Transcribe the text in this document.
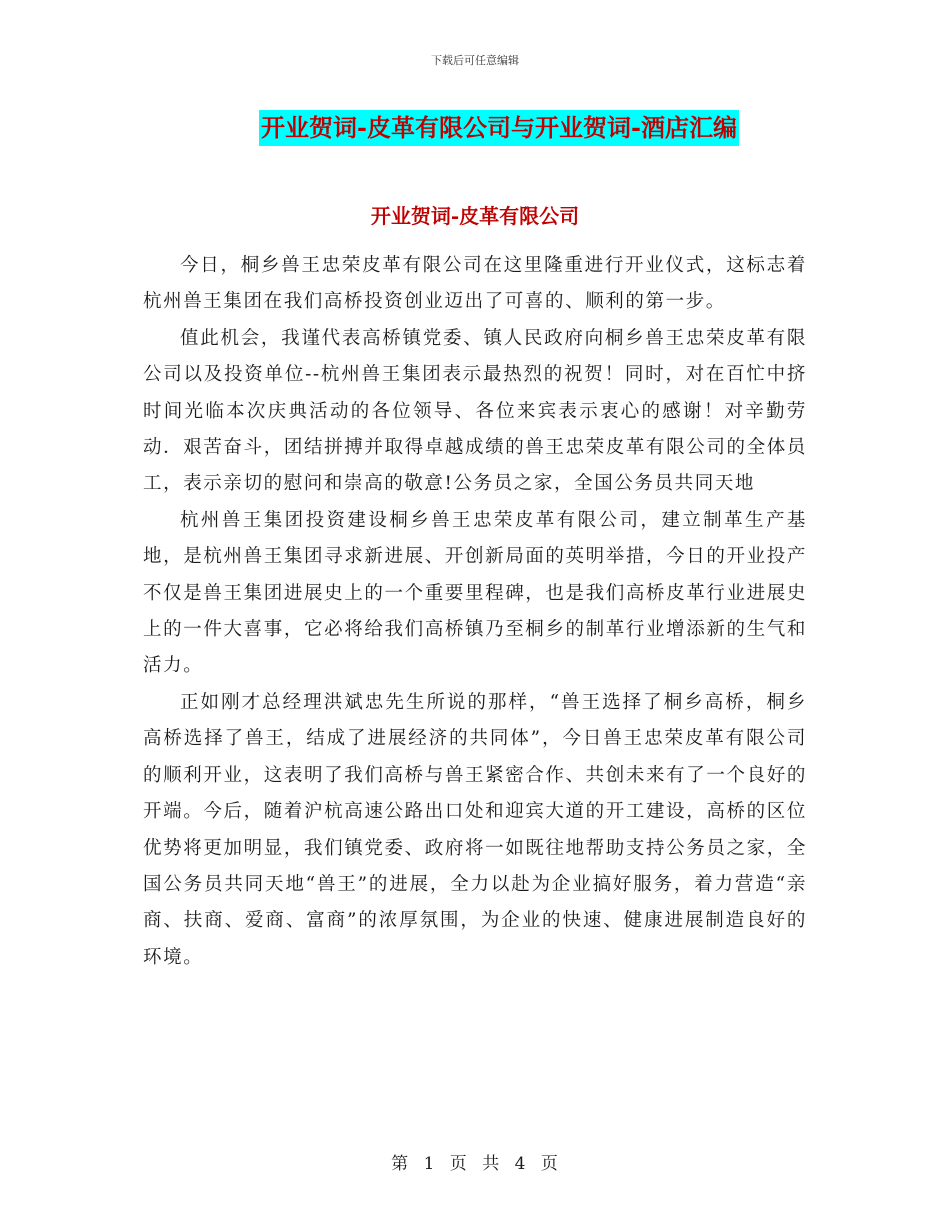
下载后可任意编辑
开业贺词-皮革有限公司与开业贺词-酒店汇编
开业贺词-皮革有限公司

今日，桐乡兽王忠荣皮革有限公司在这里隆重进行开业仪式，这标志着杭州兽王集团在我们高桥投资创业迈出了可喜的、顺利的第一步。

值此机会，我谨代表高桥镇党委、镇人民政府向桐乡兽王忠荣皮革有限公司以及投资单位--杭州兽王集团表示最热烈的祝贺！同时，对在百忙中挤时间光临本次庆典活动的各位领导、各位来宾表示衷心的感谢！对辛勤劳动．艰苦奋斗，团结拼搏并取得卓越成绩的兽王忠荣皮革有限公司的全体员工，表示亲切的慰问和崇高的敬意!公务员之家，全国公务员共同天地

杭州兽王集团投资建设桐乡兽王忠荣皮革有限公司，建立制革生产基地，是杭州兽王集团寻求新进展、开创新局面的英明举措，今日的开业投产不仅是兽王集团进展史上的一个重要里程碑，也是我们高桥皮革行业进展史上的一件大喜事，它必将给我们高桥镇乃至桐乡的制革行业增添新的生气和活力。

正如刚才总经理洪斌忠先生所说的那样，“兽王选择了桐乡高桥，桐乡高桥选择了兽王，结成了进展经济的共同体”，今日兽王忠荣皮革有限公司的顺利开业，这表明了我们高桥与兽王紧密合作、共创未来有了一个良好的开端。今后，随着沪杭高速公路出口处和迎宾大道的开工建设，高桥的区位优势将更加明显，我们镇党委、政府将一如既往地帮助支持公务员之家，全国公务员共同天地“兽王”的进展，全力以赴为企业搞好服务，着力营造“亲商、扶商、爱商、富商”的浓厚氛围，为企业的快速、健康进展制造良好的环境。

第 1 页 共 4 页
